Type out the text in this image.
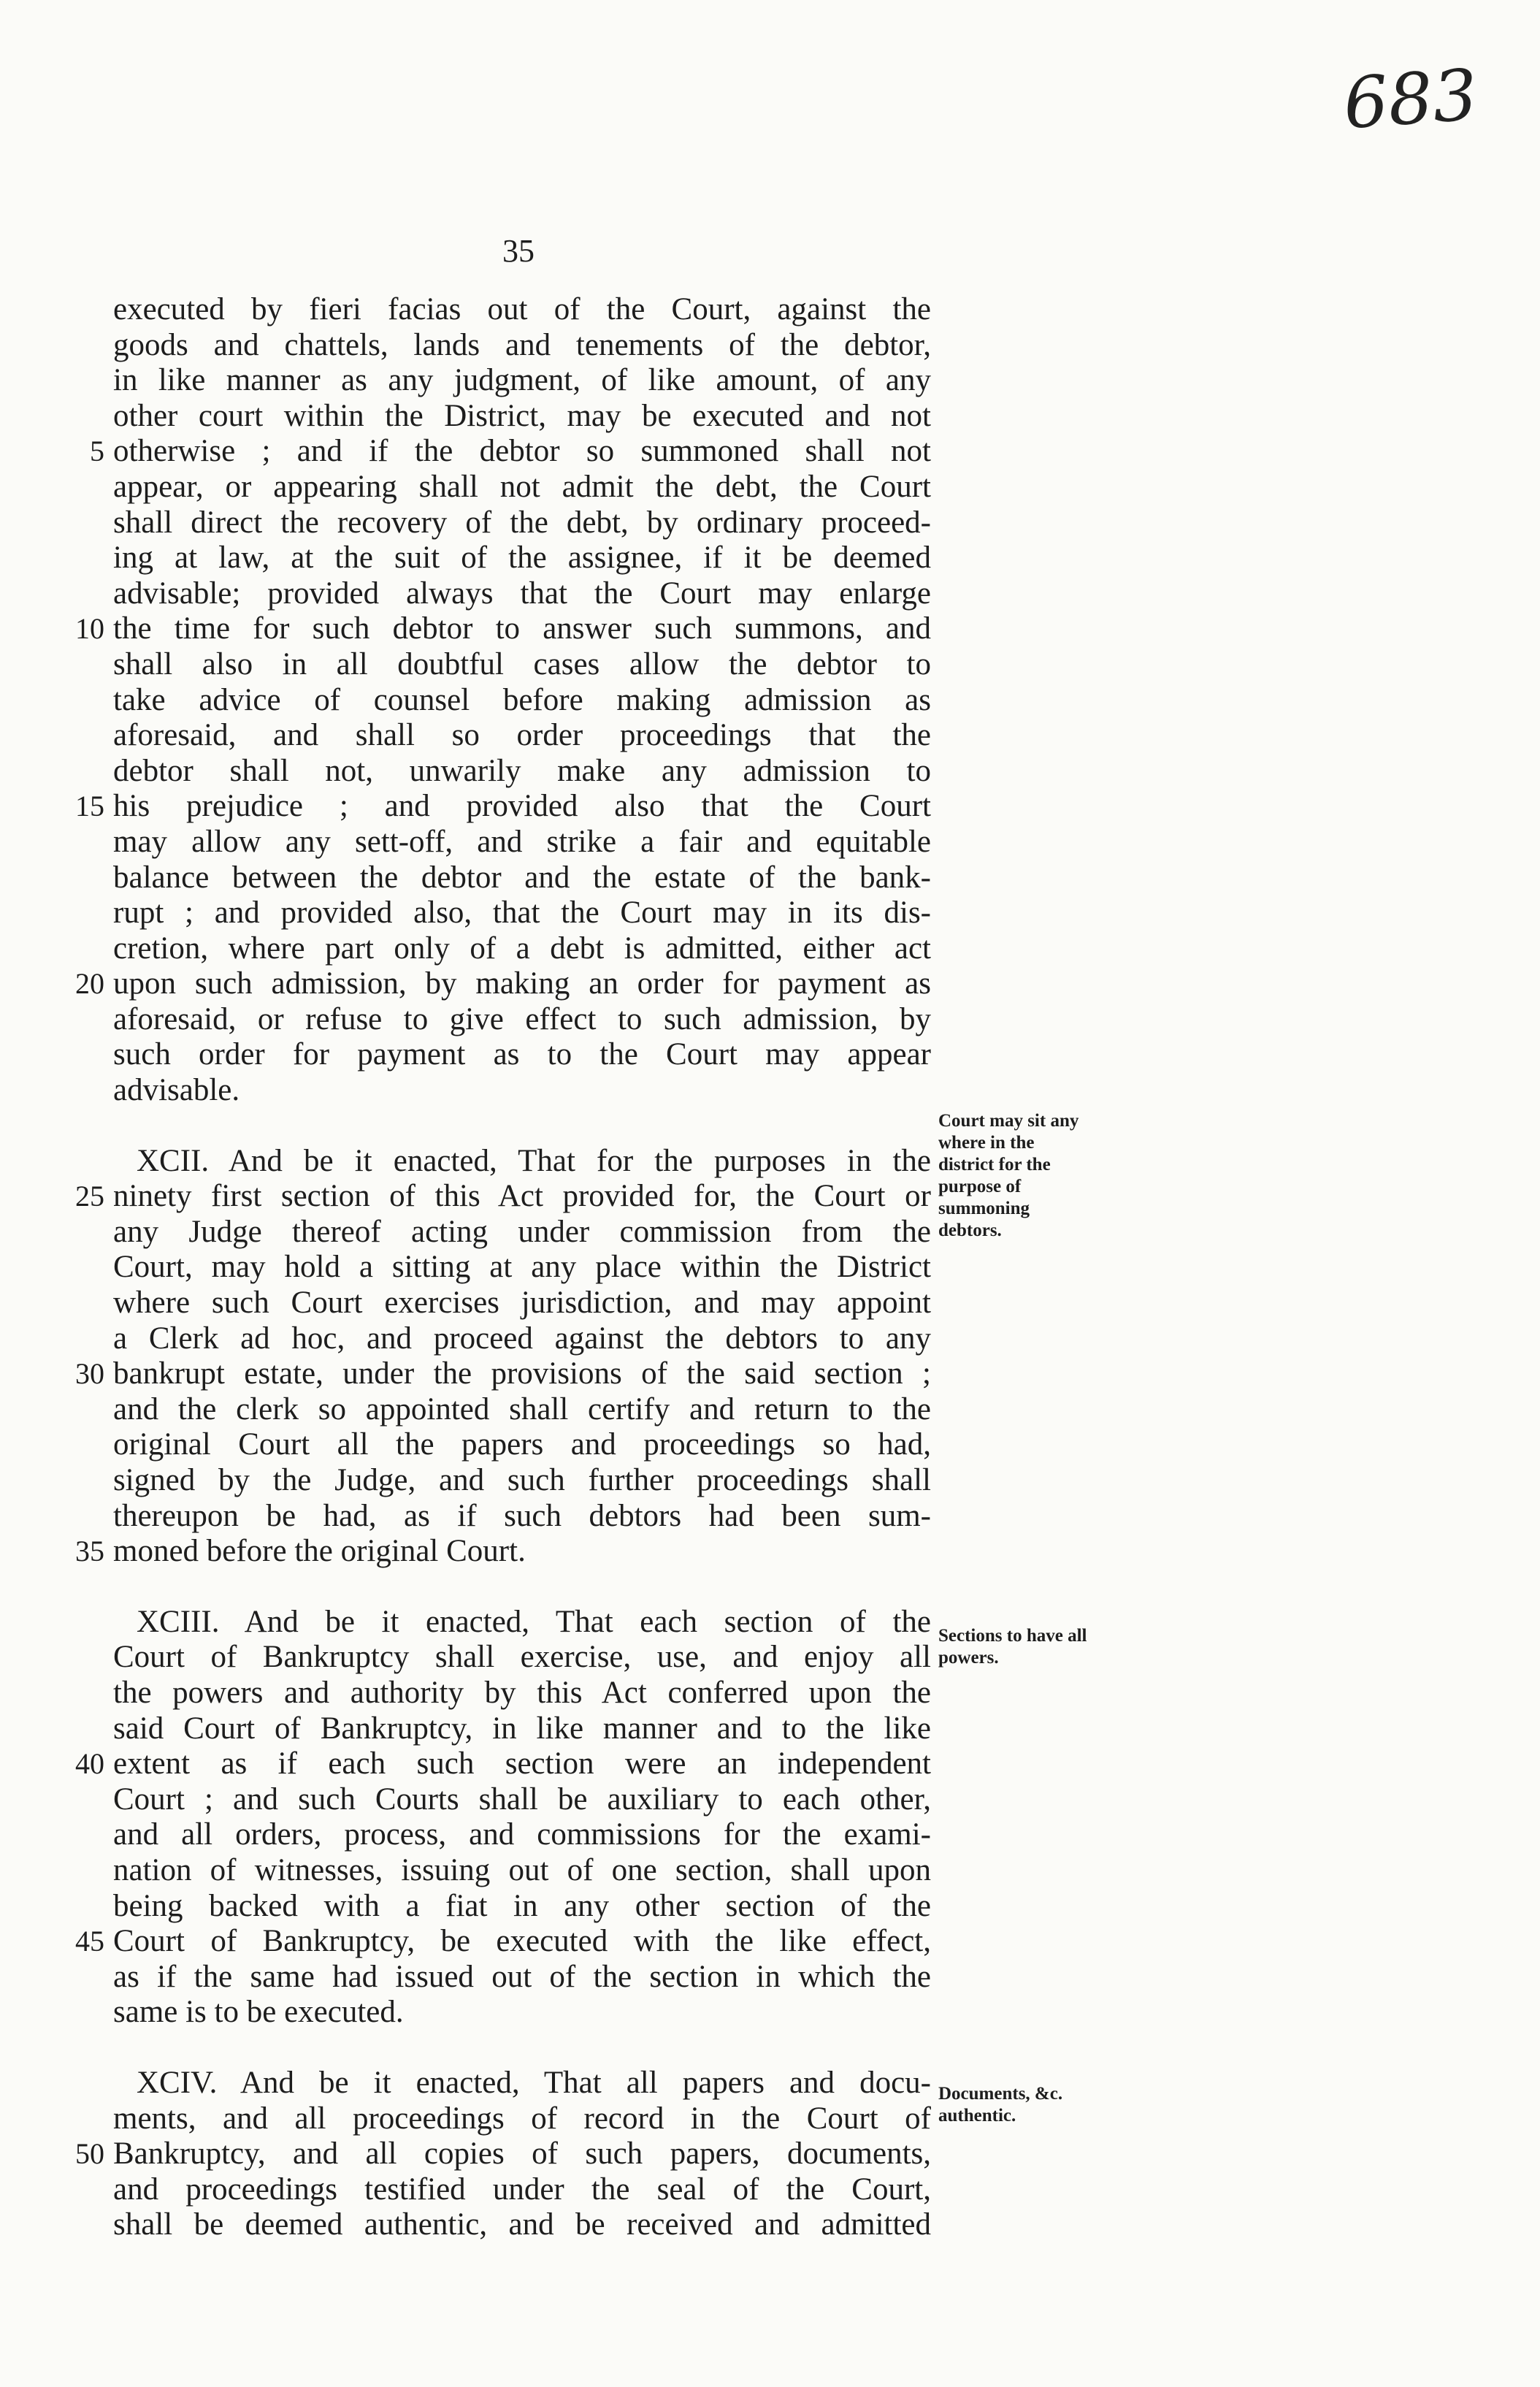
683
35
executed by fieri facias out of the Court, against the
goods and chattels, lands and tenements of the debtor,
in like manner as any judgment, of like amount, of any
other court within the District, may be executed and not
5 otherwise ; and if the debtor so summoned shall not
appear, or appearing shall not admit the debt, the Court
shall direct the recovery of the debt, by ordinary proceed-
ing at law, at the suit of the assignee, if it be deemed
advisable; provided always that the Court may enlarge
10 the time for such debtor to answer such summons, and
shall also in all doubtful cases allow the debtor to
take advice of counsel before making admission as
aforesaid, and shall so order proceedings that the
debtor shall not, unwarily make any admission to
15 his prejudice ; and provided also that the Court
may allow any sett-off, and strike a fair and equitable
balance between the debtor and the estate of the bank-
rupt ; and provided also, that the Court may in its dis-
cretion, where part only of a debt is admitted, either act
20 upon such admission, by making an order for payment as
aforesaid, or refuse to give effect to such admission, by
such order for payment as to the Court may appear
advisable.
XCII. And be it enacted, That for the purposes in the
25 ninety first section of this Act provided for, the Court or
any Judge thereof acting under commission from the
Court, may hold a sitting at any place within the District
where such Court exercises jurisdiction, and may appoint
a Clerk ad hoc, and proceed against the debtors to any
30 bankrupt estate, under the provisions of the said section ;
and the clerk so appointed shall certify and return to the
original Court all the papers and proceedings so had,
signed by the Judge, and such further proceedings shall
thereupon be had, as if such debtors had been sum-
35 moned before the original Court.
XCIII. And be it enacted, That each section of the
Court of Bankruptcy shall exercise, use, and enjoy all
the powers and authority by this Act conferred upon the
said Court of Bankruptcy, in like manner and to the like
40 extent as if each such section were an independent
Court ; and such Courts shall be auxiliary to each other,
and all orders, process, and commissions for the exami-
nation of witnesses, issuing out of one section, shall upon
being backed with a fiat in any other section of the
45 Court of Bankruptcy, be executed with the like effect,
as if the same had issued out of the section in which the
same is to be executed.
XCIV. And be it enacted, That all papers and docu-
ments, and all proceedings of record in the Court of
50 Bankruptcy, and all copies of such papers, documents,
and proceedings testified under the seal of the Court,
shall be deemed authentic, and be received and admitted
Court may sit any where in the district for the purpose of summoning debtors.
Sections to have all powers.
Documents, &c. authentic.
